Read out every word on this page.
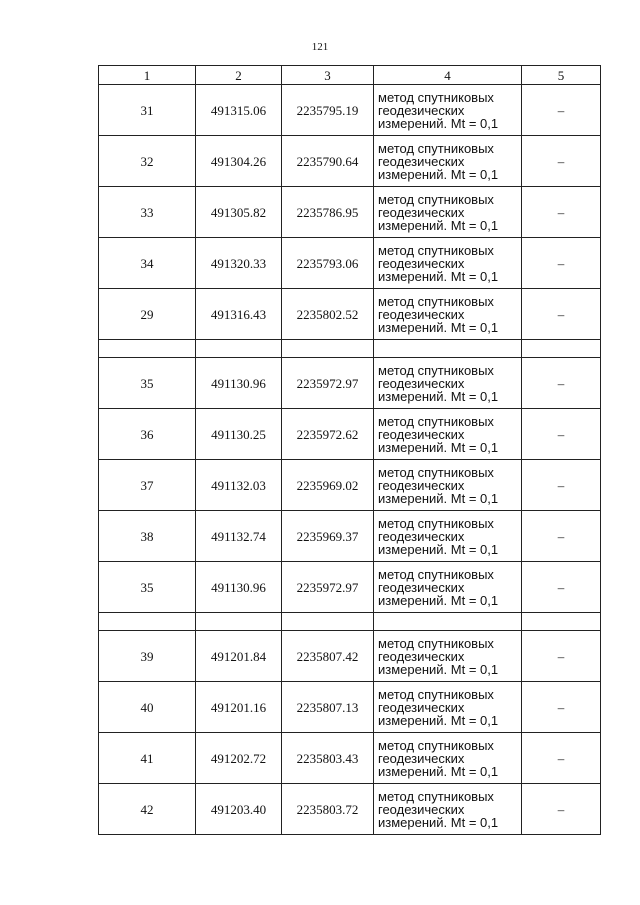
121
1	2	3	4	5
31	491315.06	2235795.19	метод спутниковых
геодезических
измерений. Mt = 0,1	–
32	491304.26	2235790.64	метод спутниковых
геодезических
измерений. Mt = 0,1	–
33	491305.82	2235786.95	метод спутниковых
геодезических
измерений. Mt = 0,1	–
34	491320.33	2235793.06	метод спутниковых
геодезических
измерений. Mt = 0,1	–
29	491316.43	2235802.52	метод спутниковых
геодезических
измерений. Mt = 0,1	–

35	491130.96	2235972.97	метод спутниковых
геодезических
измерений. Mt = 0,1	–
36	491130.25	2235972.62	метод спутниковых
геодезических
измерений. Mt = 0,1	–
37	491132.03	2235969.02	метод спутниковых
геодезических
измерений. Mt = 0,1	–
38	491132.74	2235969.37	метод спутниковых
геодезических
измерений. Mt = 0,1	–
35	491130.96	2235972.97	метод спутниковых
геодезических
измерений. Mt = 0,1	–

39	491201.84	2235807.42	метод спутниковых
геодезических
измерений. Mt = 0,1	–
40	491201.16	2235807.13	метод спутниковых
геодезических
измерений. Mt = 0,1	–
41	491202.72	2235803.43	метод спутниковых
геодезических
измерений. Mt = 0,1	–
42	491203.40	2235803.72	метод спутниковых
геодезических
измерений. Mt = 0,1	–
